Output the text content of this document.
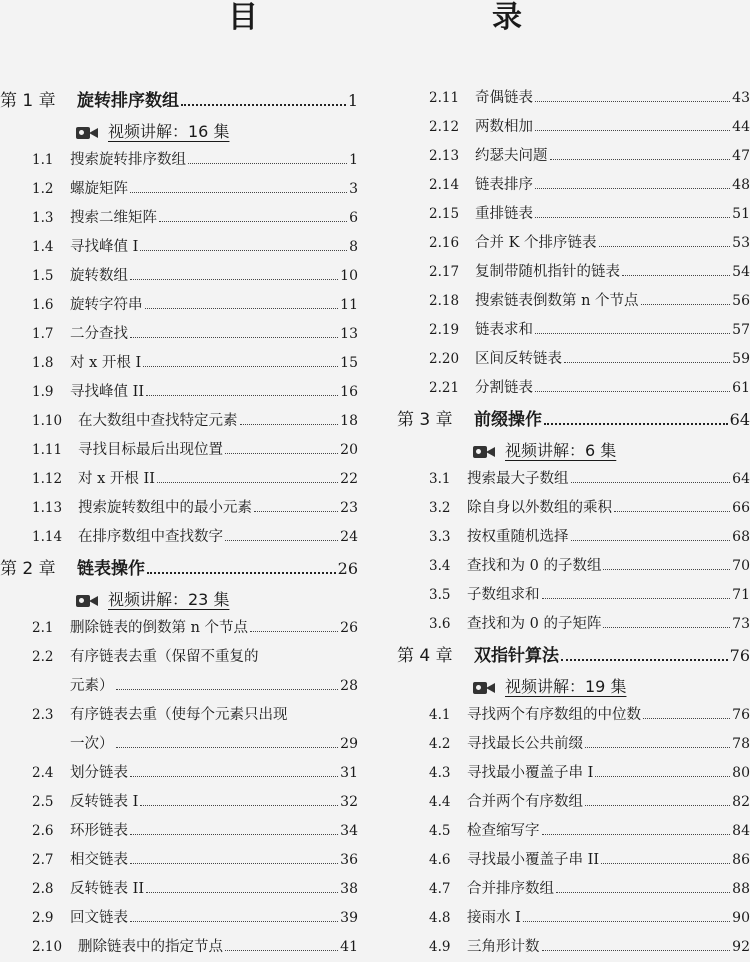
目　　录
第 1 章	旋转排序数组	1
视频讲解：16 集
1.1	搜索旋转排序数组	1
1.2	螺旋矩阵	3
1.3	搜索二维矩阵	6
1.4	寻找峰值 I	8
1.5	旋转数组	10
1.6	旋转字符串	11
1.7	二分查找	13
1.8	对 x 开根 I	15
1.9	寻找峰值 II	16
1.10	在大数组中查找特定元素	18
1.11	寻找目标最后出现位置	20
1.12	对 x 开根 II	22
1.13	搜索旋转数组中的最小元素	23
1.14	在排序数组中查找数字	24
第 2 章	链表操作	26
视频讲解：23 集
2.1	删除链表的倒数第 n 个节点	26
2.2	有序链表去重（保留不重复的
元素）	28
2.3	有序链表去重（使每个元素只出现
一次）	29
2.4	划分链表	31
2.5	反转链表 I	32
2.6	环形链表	34
2.7	相交链表	36
2.8	反转链表 II	38
2.9	回文链表	39
2.10	删除链表中的指定节点	41
2.11	奇偶链表	43
2.12	两数相加	44
2.13	约瑟夫问题	47
2.14	链表排序	48
2.15	重排链表	51
2.16	合并 K 个排序链表	53
2.17	复制带随机指针的链表	54
2.18	搜索链表倒数第 n 个节点	56
2.19	链表求和	57
2.20	区间反转链表	59
2.21	分割链表	61
第 3 章	前缀操作	64
视频讲解：6 集
3.1	搜索最大子数组	64
3.2	除自身以外数组的乘积	66
3.3	按权重随机选择	68
3.4	查找和为 0 的子数组	70
3.5	子数组求和	71
3.6	查找和为 0 的子矩阵	73
第 4 章	双指针算法	76
视频讲解：19 集
4.1	寻找两个有序数组的中位数	76
4.2	寻找最长公共前缀	78
4.3	寻找最小覆盖子串 I	80
4.4	合并两个有序数组	82
4.5	检查缩写字	84
4.6	寻找最小覆盖子串 II	86
4.7	合并排序数组	88
4.8	接雨水 I	90
4.9	三角形计数	92
